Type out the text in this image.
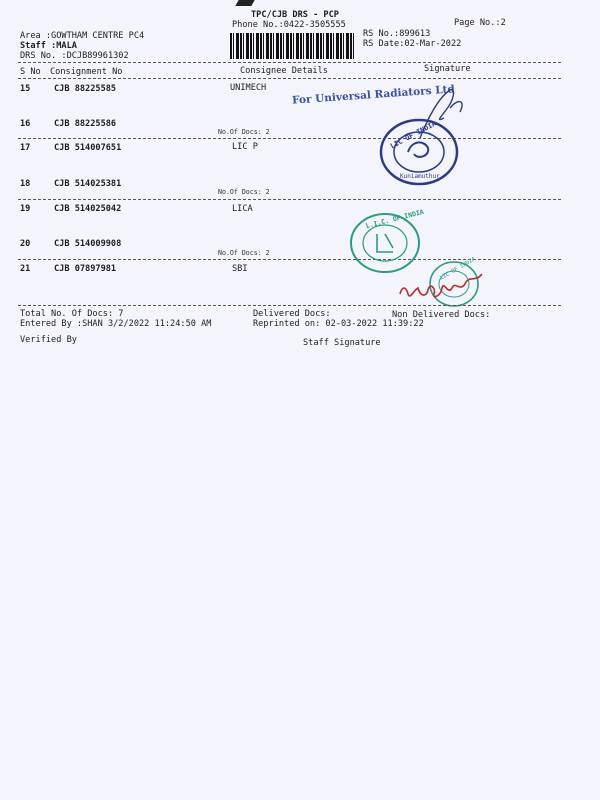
TPC/CJB DRS - PCP
Phone No.:0422-3505555	Page No.:2
Area :GOWTHAM CENTRE PC4
Staff :MALA
DRS No. :DCJB89961302
RS No.:899613
RS Date:02-Mar-2022
S No Consignment No	Consignee Details	Signature
15	CJB 88225585	UNIMECH
16	CJB 88225586
No.Of Docs: 2
17	CJB 514007651	LIC P
18	CJB 514025381
No.Of Docs: 2
19	CJB 514025042	LICA
20	CJB 514009908
No.Of Docs: 2
21	CJB 07897981	SBI
For Universal Radiators Ltd
LIC OF INDIA
Kuniamuthur
L.I.C. OF INDIA
LIC OF INDIA
Total No. Of Docs: 7
Entered By :SHAN 3/2/2022 11:24:50 AM
Delivered Docs:
Reprinted on: 02-03-2022 11:39:22
Non Delivered Docs:
Verified By	Staff Signature
